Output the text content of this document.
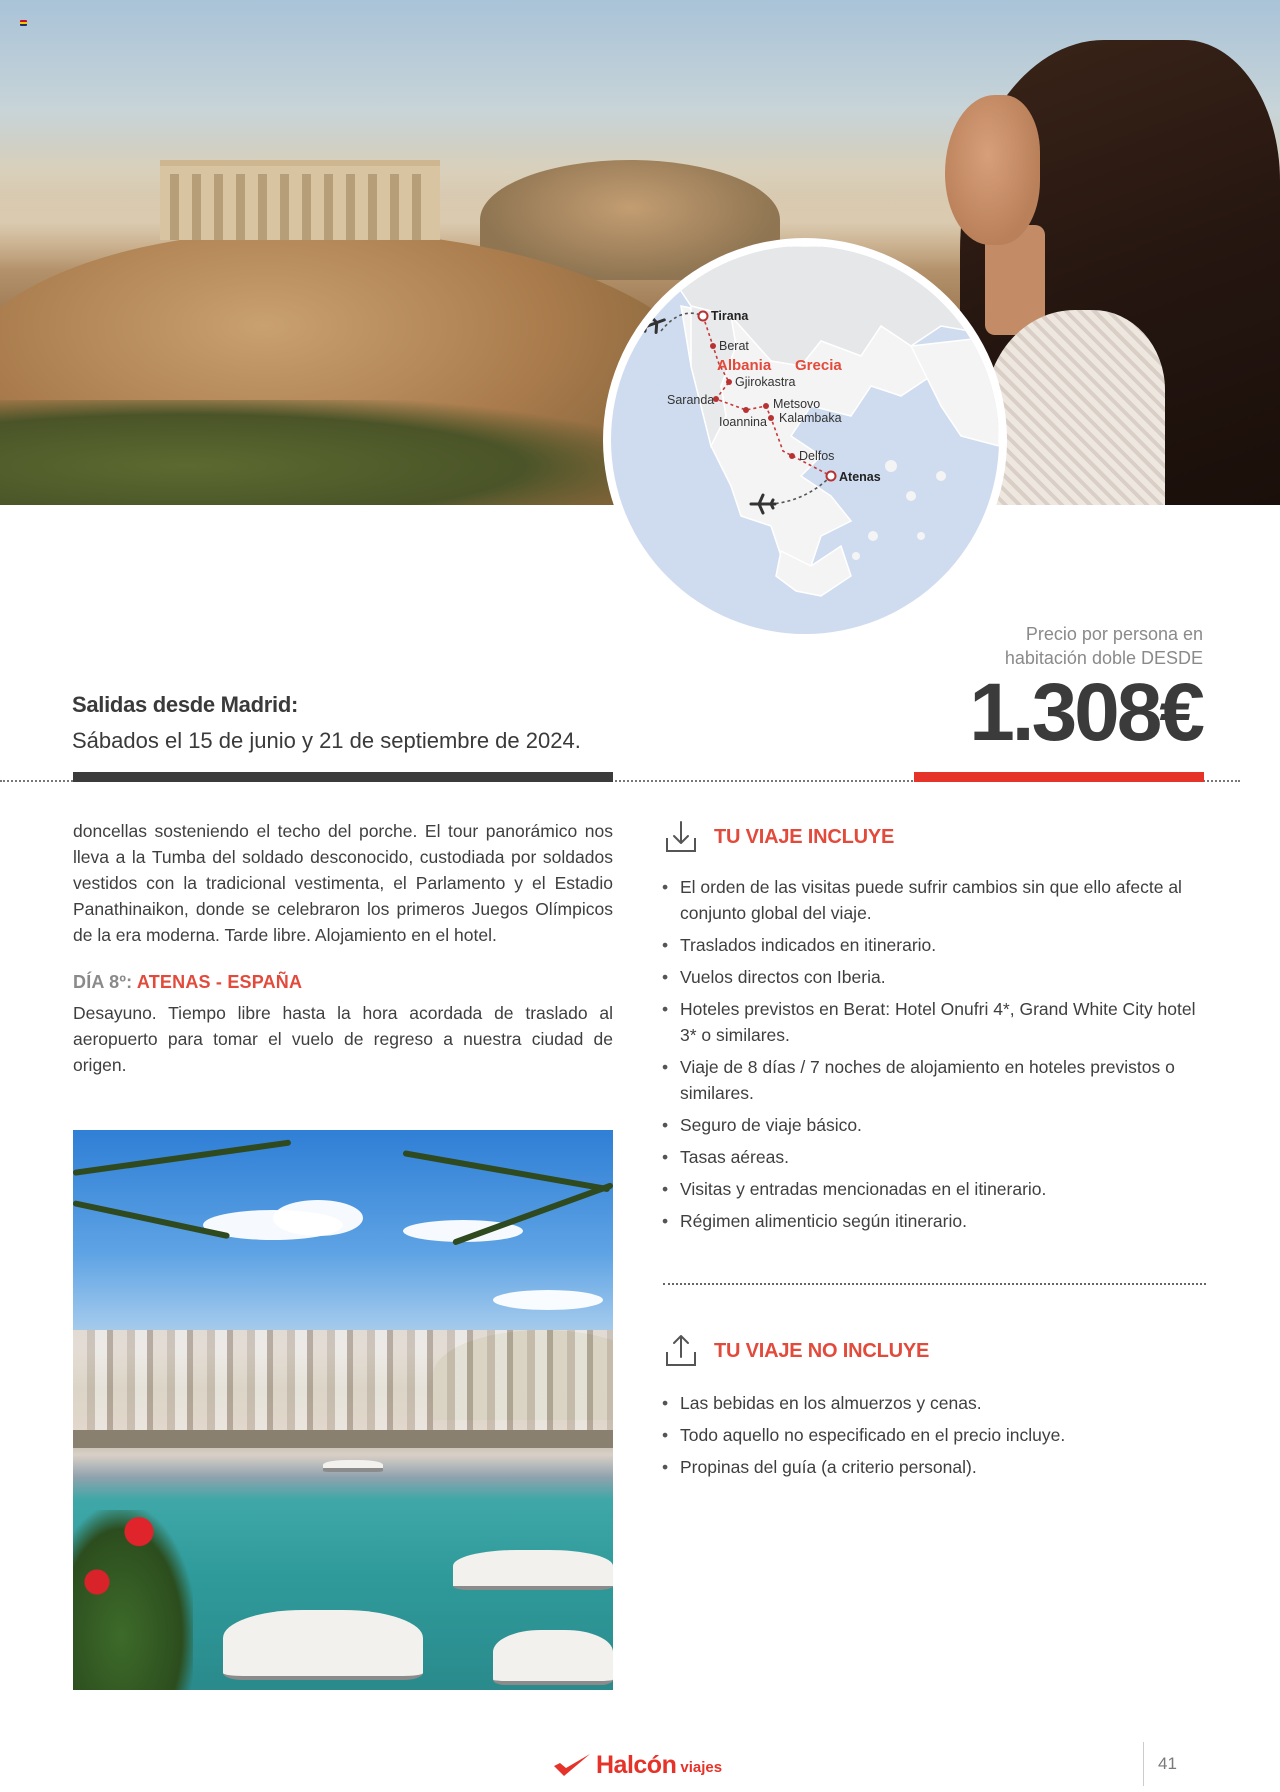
Tirana
Berat
Albania Grecia
Gjirokastra
Saranda
Ioannina
Metsovo
Kalambaka
Delfos
Atenas
Precio por persona en
habitación doble DESDE
1.308€
Salidas desde Madrid:
Sábados el 15 de junio y 21 de septiembre de 2024.

doncellas sosteniendo el techo del porche. El tour panorámico nos lleva a la Tumba del soldado desconocido, custodiada por soldados vestidos con la tradicional vestimenta, el Parlamento y el Estadio Panathinaikon, donde se celebraron los primeros Juegos Olímpicos de la era moderna. Tarde libre. Alojamiento en el hotel.

DÍA 8º: ATENAS - ESPAÑA

Desayuno. Tiempo libre hasta la hora acordada de traslado al aeropuerto para tomar el vuelo de regreso a nuestra ciudad de origen.

TU VIAJE INCLUYE
• El orden de las visitas puede sufrir cambios sin que ello afecte al conjunto global del viaje.
• Traslados indicados en itinerario.
• Vuelos directos con Iberia.
• Hoteles previstos en Berat: Hotel Onufri 4*, Grand White City hotel 3* o similares.
• Viaje de 8 días / 7 noches de alojamiento en hoteles previstos o similares.
• Seguro de viaje básico.
• Tasas aéreas.
• Visitas y entradas mencionadas en el itinerario.
• Régimen alimenticio según itinerario.
TU VIAJE NO INCLUYE
• Las bebidas en los almuerzos y cenas.
• Todo aquello no especificado en el precio incluye.
• Propinas del guía (a criterio personal).
Halcón viajes	41
